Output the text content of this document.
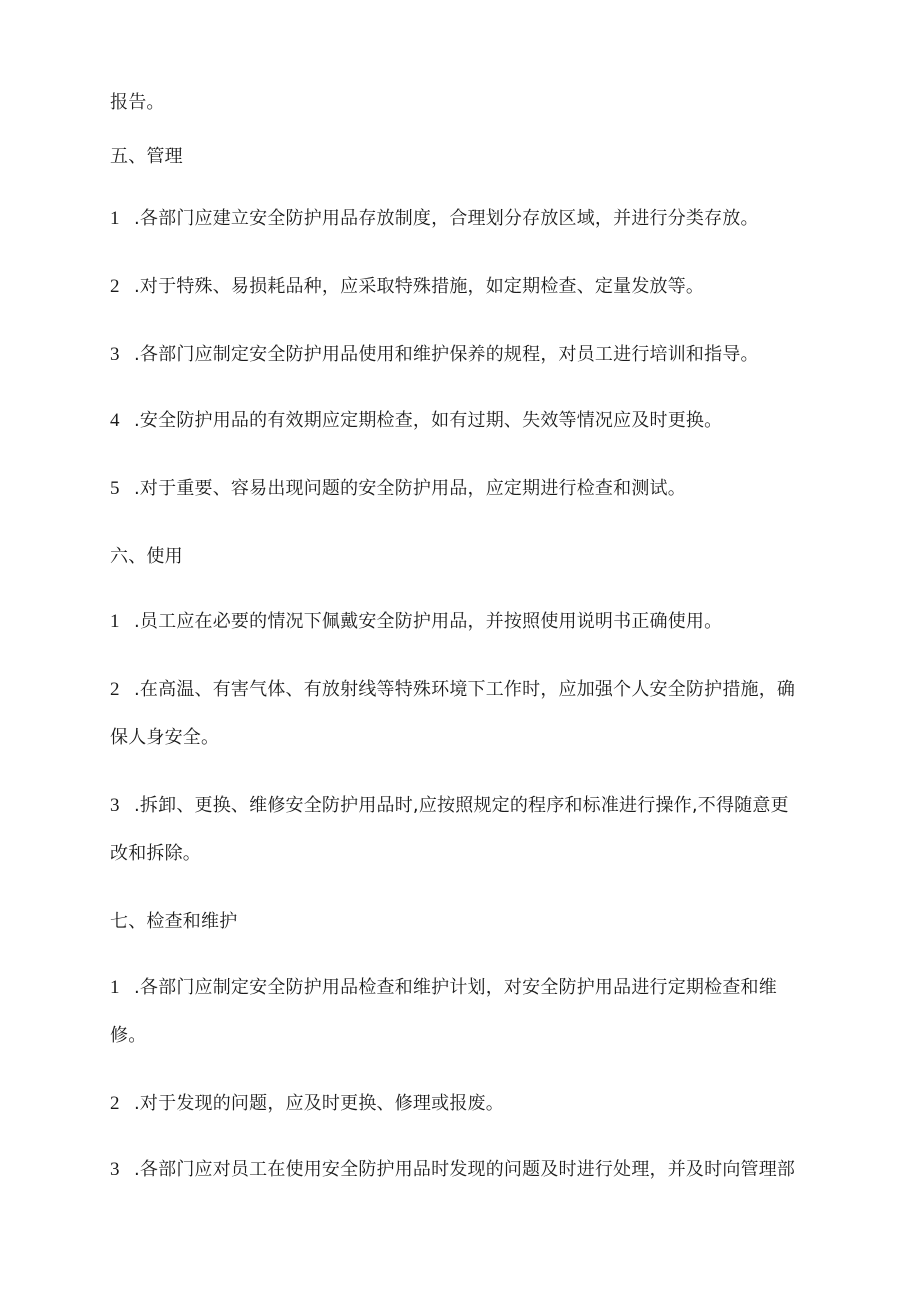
报告。
五、管理
1 .各部门应建立安全防护用品存放制度，合理划分存放区域，并进行分类存放。
2 .对于特殊、易损耗品种，应采取特殊措施，如定期检查、定量发放等。
3 .各部门应制定安全防护用品使用和维护保养的规程，对员工进行培训和指导。
4 .安全防护用品的有效期应定期检查，如有过期、失效等情况应及时更换。
5 .对于重要、容易出现问题的安全防护用品，应定期进行检查和测试。
六、使用
1 .员工应在必要的情况下佩戴安全防护用品，并按照使用说明书正确使用。
2 .在高温、有害气体、有放射线等特殊环境下工作时，应加强个人安全防护措施，确
保人身安全。
3 .拆卸、更换、维修安全防护用品时,应按照规定的程序和标准进行操作,不得随意更
改和拆除。
七、检查和维护
1 .各部门应制定安全防护用品检查和维护计划，对安全防护用品进行定期检查和维
修。
2 .对于发现的问题，应及时更换、修理或报废。
3 .各部门应对员工在使用安全防护用品时发现的问题及时进行处理，并及时向管理部
